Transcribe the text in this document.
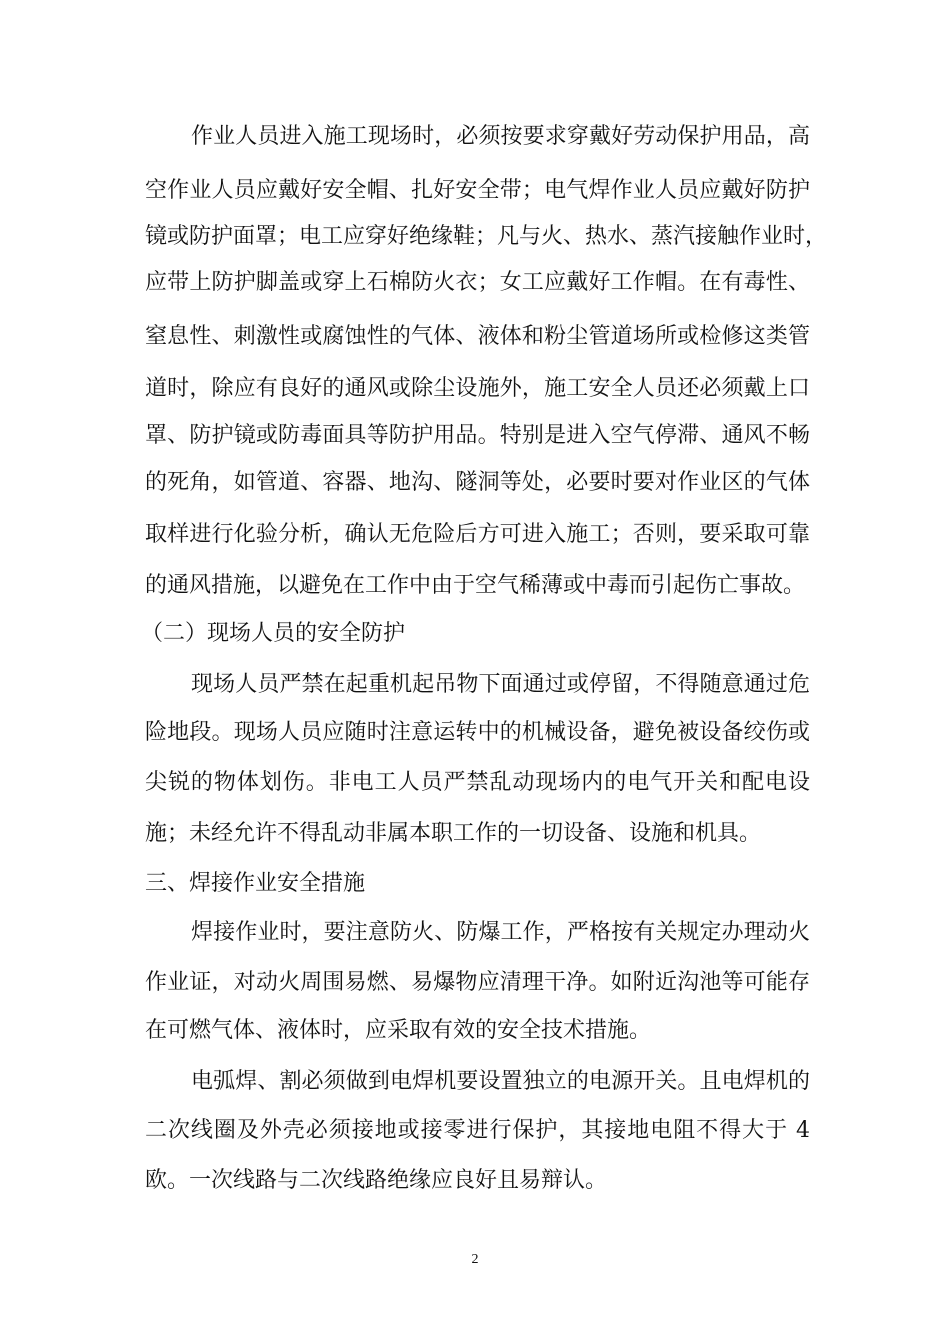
作业人员进入施工现场时，必须按要求穿戴好劳动保护用品，高
空作业人员应戴好安全帽、扎好安全带；电气焊作业人员应戴好防护
镜或防护面罩；电工应穿好绝缘鞋；凡与火、热水、蒸汽接触作业时，
应带上防护脚盖或穿上石棉防火衣；女工应戴好工作帽。在有毒性、
窒息性、刺激性或腐蚀性的气体、液体和粉尘管道场所或检修这类管
道时，除应有良好的通风或除尘设施外，施工安全人员还必须戴上口
罩、防护镜或防毒面具等防护用品。特别是进入空气停滞、通风不畅
的死角，如管道、容器、地沟、隧洞等处，必要时要对作业区的气体
取样进行化验分析，确认无危险后方可进入施工；否则，要采取可靠
的通风措施，以避免在工作中由于空气稀薄或中毒而引起伤亡事故。
（二）现场人员的安全防护
现场人员严禁在起重机起吊物下面通过或停留，不得随意通过危
险地段。现场人员应随时注意运转中的机械设备，避免被设备绞伤或
尖锐的物体划伤。非电工人员严禁乱动现场内的电气开关和配电设
施；未经允许不得乱动非属本职工作的一切设备、设施和机具。
三、焊接作业安全措施
焊接作业时，要注意防火、防爆工作，严格按有关规定办理动火
作业证，对动火周围易燃、易爆物应清理干净。如附近沟池等可能存
在可燃气体、液体时，应采取有效的安全技术措施。
电弧焊、割必须做到电焊机要设置独立的电源开关。且电焊机的
二次线圈及外壳必须接地或接零进行保护，其接地电阻不得大于 4
欧。一次线路与二次线路绝缘应良好且易辩认。
2
